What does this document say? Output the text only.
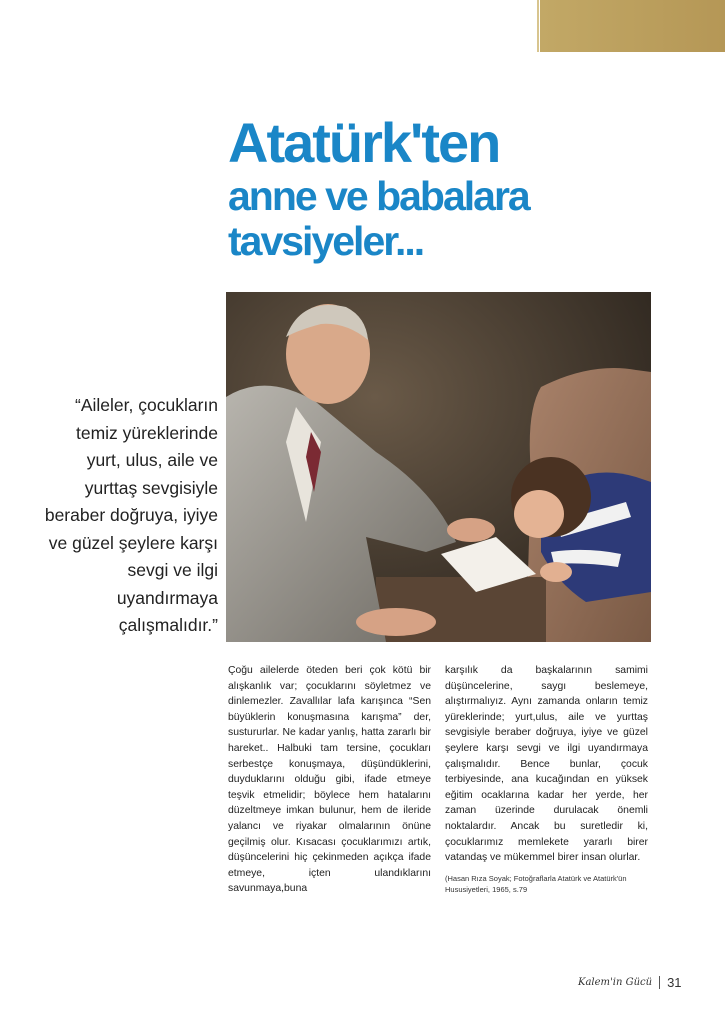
Atatürk'ten
anne ve babalara
tavsiyeler...

“Aileler, çocukların temiz yüreklerinde yurt, ulus, aile ve yurttaş sevgisiyle beraber doğruya, iyiye ve güzel şeylere karşı sevgi ve ilgi uyandırmaya çalışmalıdır.”

Çoğu ailelerde öteden beri çok kötü bir alışkanlık var; çocuklarını söyletmez ve dinlemezler. Zavallılar lafa karışınca “Sen büyüklerin konuşmasına karışma” der, sustururlar. Ne kadar yanlış, hatta zararlı bir hareket.. Halbuki tam tersine, çocukları serbestçe konuşmaya, düşündüklerini, duyduklarını olduğu gibi, ifade etmeye teşvik etmelidir; böylece hem hatalarını düzeltmeye imkan bulunur, hem de ileride yalancı ve riyakar olmalarının önüne geçilmiş olur. Kısacası çocuklarımızı artık, düşüncelerini hiç çekinmeden açıkça ifade etmeye, içten ulandıklarını savunmaya,buna

karşılık da başkalarının samimi düşüncelerine, saygı beslemeye, alıştırmalıyız. Aynı zamanda onların temiz yüreklerinde; yurt,ulus, aile ve yurttaş sevgisiyle beraber doğruya, iyiye ve güzel şeylere karşı sevgi ve ilgi uyandırmaya çalışmalıdır. Bence bunlar, çocuk terbiyesinde, ana kucağından en yüksek eğitim ocaklarına kadar her yerde, her zaman üzerinde durulacak önemli noktalardır. Ancak bu suretledir ki, çocuklarımız memlekete yararlı birer vatandaş ve mükemmel birer insan olurlar.

(Hasan Rıza Soyak; Fotoğraflarla Atatürk ve Atatürk'ün Hususiyetleri, 1965, s.79

Kalem'in Gücü 31
